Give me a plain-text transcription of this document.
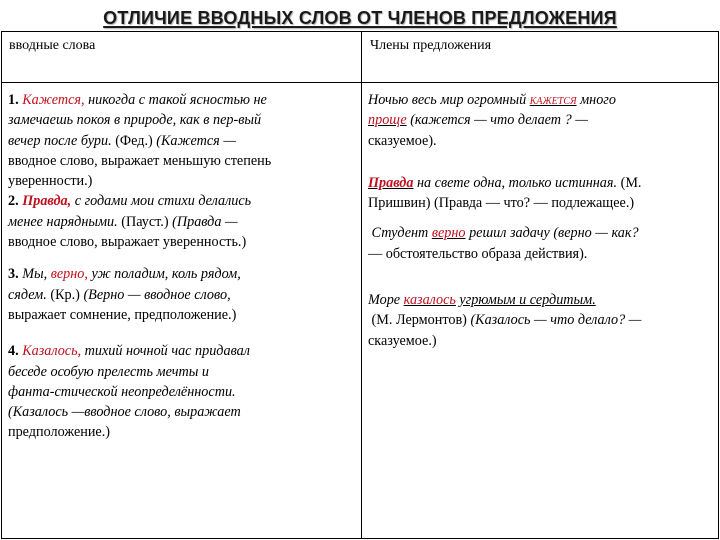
ОТЛИЧИЕ ВВОДНЫХ СЛОВ ОТ ЧЛЕНОВ ПРЕДЛОЖЕНИЯ
вводные слова	Члены предложения
1. Кажется, никогда с такой ясностью не
замечаешь покоя в природе, как в пер-вый
вечер после бури. (Фед.) (Кажется —
вводное слово, выражает меньшую степень
уверенности.)
2. Правда, с годами мои стихи делались
менее нарядными. (Пауст.) (Правда —
вводное слово, выражает уверенность.)
3. Мы, верно, уж поладим, коль рядом,
сядем. (Кр.) (Верно — вводное слово,
выражает сомнение, предположение.)
4. Казалось, тихий ночной час придавал
беседе особую прелесть мечты и
фанта-стической неопределённости.
(Казалось —вводное слово, выражает
предположение.)
Ночью весь мир огромный кажется много
проще (кажется — что делает ? —
сказуемое).
Правда на свете одна, только истинная. (М.
Пришвин) (Правда — что? — подлежащее.)
Студент верно решил задачу (верно — как?
— обстоятельство образа действия).
Море казалось угрюмым и сердитым.
(М. Лермонтов) (Казалось — что делало? —
сказуемое.)
